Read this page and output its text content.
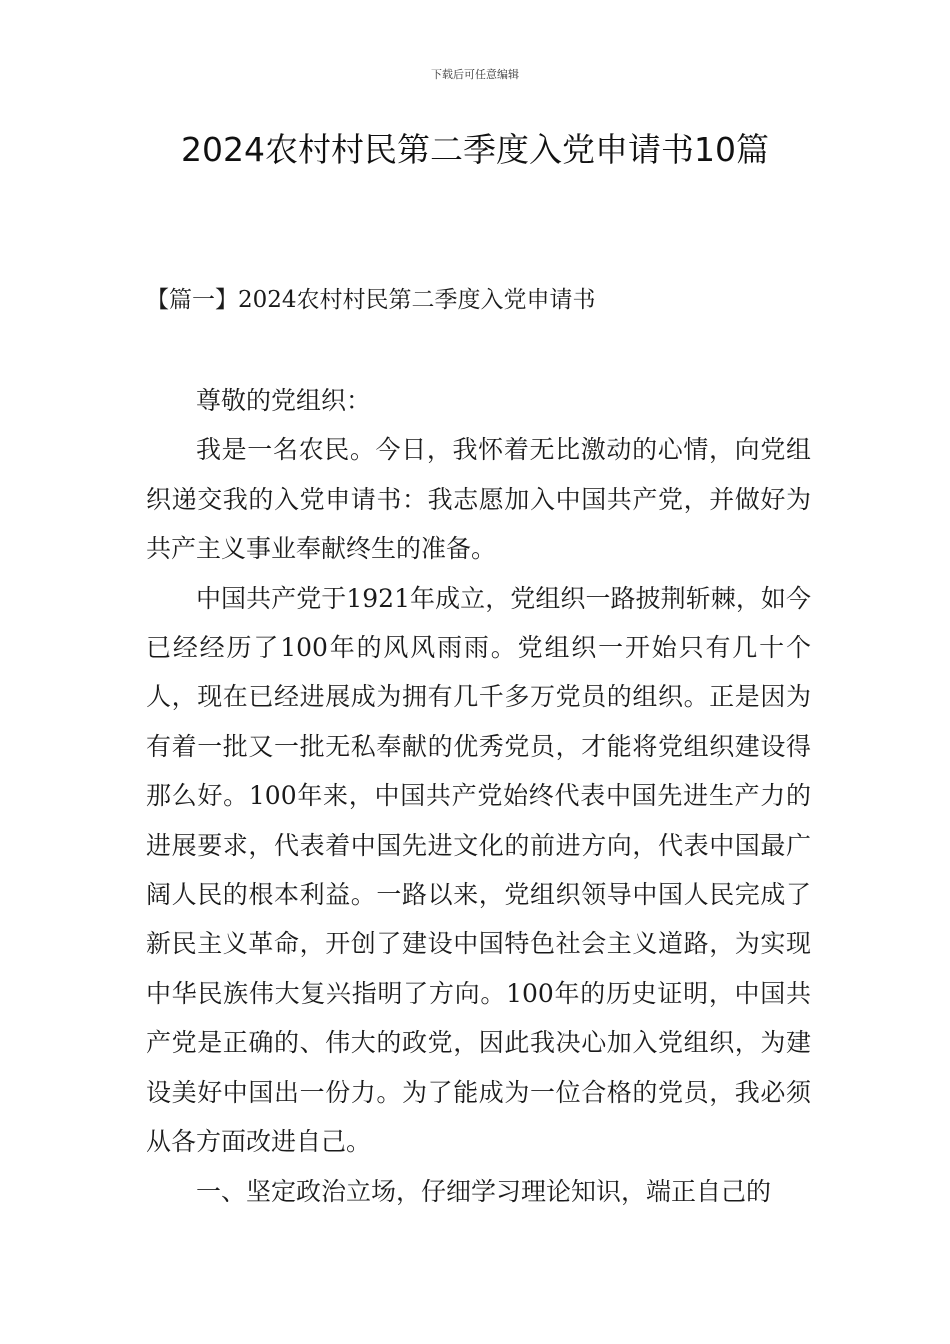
下载后可任意编辑
2024农村村民第二季度入党申请书10篇
【篇一】2024农村村民第二季度入党申请书

尊敬的党组织：

我是一名农民。今日，我怀着无比激动的心情，向党组织递交我的入党申请书：我志愿加入中国共产党，并做好为共产主义事业奉献终生的准备。

中国共产党于1921年成立，党组织一路披荆斩棘，如今已经经历了100年的风风雨雨。党组织一开始只有几十个人，现在已经进展成为拥有几千多万党员的组织。正是因为有着一批又一批无私奉献的优秀党员，才能将党组织建设得那么好。100年来，中国共产党始终代表中国先进生产力的进展要求，代表着中国先进文化的前进方向，代表中国最广阔人民的根本利益。一路以来，党组织领导中国人民完成了新民主义革命，开创了建设中国特色社会主义道路，为实现中华民族伟大复兴指明了方向。100年的历史证明，中国共产党是正确的、伟大的政党，因此我决心加入党组织，为建设美好中国出一份力。为了能成为一位合格的党员，我必须从各方面改进自己。

一、坚定政治立场，仔细学习理论知识，端正自己的
